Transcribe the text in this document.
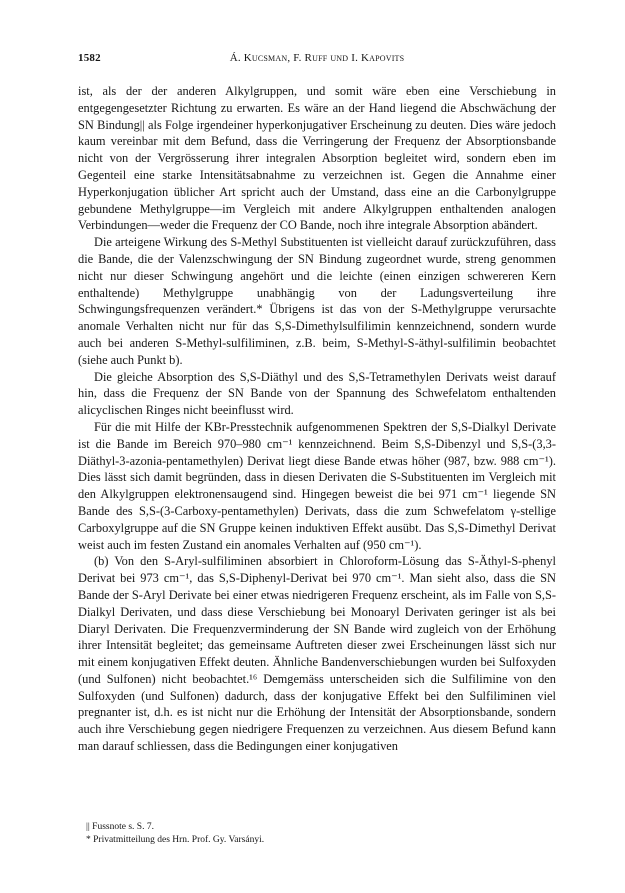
1582	Á. Kucsman, F. Ruff und I. Kapovits

ist, als der der anderen Alkylgruppen, und somit wäre eben eine Verschiebung in entgegengesetzter Richtung zu erwarten. Es wäre an der Hand liegend die Abschwächung der SN Bindung|| als Folge irgendeiner hyperkonjugativer Erscheinung zu deuten. Dies wäre jedoch kaum vereinbar mit dem Befund, dass die Verringerung der Frequenz der Absorptionsbande nicht von der Vergrösserung ihrer integralen Absorption begleitet wird, sondern eben im Gegenteil eine starke Intensitätsabnahme zu verzeichnen ist. Gegen die Annahme einer Hyperkonjugation üblicher Art spricht auch der Umstand, dass eine an die Carbonylgruppe gebundene Methylgruppe—im Vergleich mit andere Alkylgruppen enthaltenden analogen Verbindungen—weder die Frequenz der CO Bande, noch ihre integrale Absorption abändert.

Die arteigene Wirkung des S-Methyl Substituenten ist vielleicht darauf zurückzuführen, dass die Bande, die der Valenzschwingung der SN Bindung zugeordnet wurde, streng genommen nicht nur dieser Schwingung angehört und die leichte (einen einzigen schwereren Kern enthaltende) Methylgruppe unabhängig von der Ladungsverteilung ihre Schwingungsfrequenzen verändert.* Übrigens ist das von der S-Methylgruppe verursachte anomale Verhalten nicht nur für das S,S-Dimethylsulfilimin kennzeichnend, sondern wurde auch bei anderen S-Methyl-sulfiliminen, z.B. beim, S-Methyl-S-äthyl-sulfilimin beobachtet (siehe auch Punkt b).

Die gleiche Absorption des S,S-Diäthyl und des S,S-Tetramethylen Derivats weist darauf hin, dass die Frequenz der SN Bande von der Spannung des Schwefelatom enthaltenden alicyclischen Ringes nicht beeinflusst wird.

Für die mit Hilfe der KBr-Presstechnik aufgenommenen Spektren der S,S-Dialkyl Derivate ist die Bande im Bereich 970–980 cm⁻¹ kennzeichnend. Beim S,S-Dibenzyl und S,S-(3,3-Diäthyl-3-azonia-pentamethylen) Derivat liegt diese Bande etwas höher (987, bzw. 988 cm⁻¹). Dies lässt sich damit begründen, dass in diesen Derivaten die S-Substituenten im Vergleich mit den Alkylgruppen elektronensaugend sind. Hingegen beweist die bei 971 cm⁻¹ liegende SN Bande des S,S-(3-Carboxy-pentamethylen) Derivats, dass die zum Schwefelatom γ-stellige Carboxylgruppe auf die SN Gruppe keinen induktiven Effekt ausübt. Das S,S-Dimethyl Derivat weist auch im festen Zustand ein anomales Verhalten auf (950 cm⁻¹).

(b) Von den S-Aryl-sulfiliminen absorbiert in Chloroform-Lösung das S-Äthyl-S-phenyl Derivat bei 973 cm⁻¹, das S,S-Diphenyl-Derivat bei 970 cm⁻¹. Man sieht also, dass die SN Bande der S-Aryl Derivate bei einer etwas niedrigeren Frequenz erscheint, als im Falle von S,S-Dialkyl Derivaten, und dass diese Verschiebung bei Monoaryl Derivaten geringer ist als bei Diaryl Derivaten. Die Frequenzverminderung der SN Bande wird zugleich von der Erhöhung ihrer Intensität begleitet; das gemeinsame Auftreten dieser zwei Erscheinungen lässt sich nur mit einem konjugativen Effekt deuten. Ähnliche Bandenverschiebungen wurden bei Sulfoxyden (und Sulfonen) nicht beobachtet.¹⁶ Demgemäss unterscheiden sich die Sulfilimine von den Sulfoxyden (und Sulfonen) dadurch, dass der konjugative Effekt bei den Sulfiliminen viel pregnanter ist, d.h. es ist nicht nur die Erhöhung der Intensität der Absorptionsbande, sondern auch ihre Verschiebung gegen niedrigere Frequenzen zu verzeichnen. Aus diesem Befund kann man darauf schliessen, dass die Bedingungen einer konjugativen

|| Fussnote s. S. 7.

* Privatmitteilung des Hrn. Prof. Gy. Varsányi.
